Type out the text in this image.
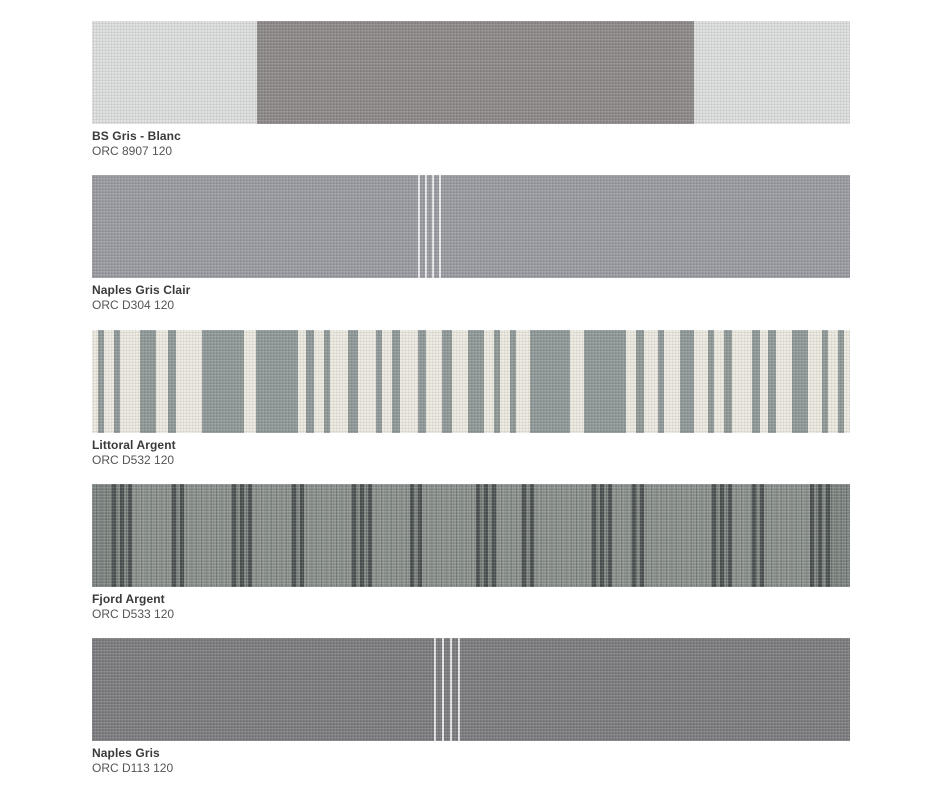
BS Gris - Blanc
ORC 8907 120
Naples Gris Clair
ORC D304 120
Littoral Argent
ORC D532 120
Fjord Argent
ORC D533 120
Naples Gris
ORC D113 120
